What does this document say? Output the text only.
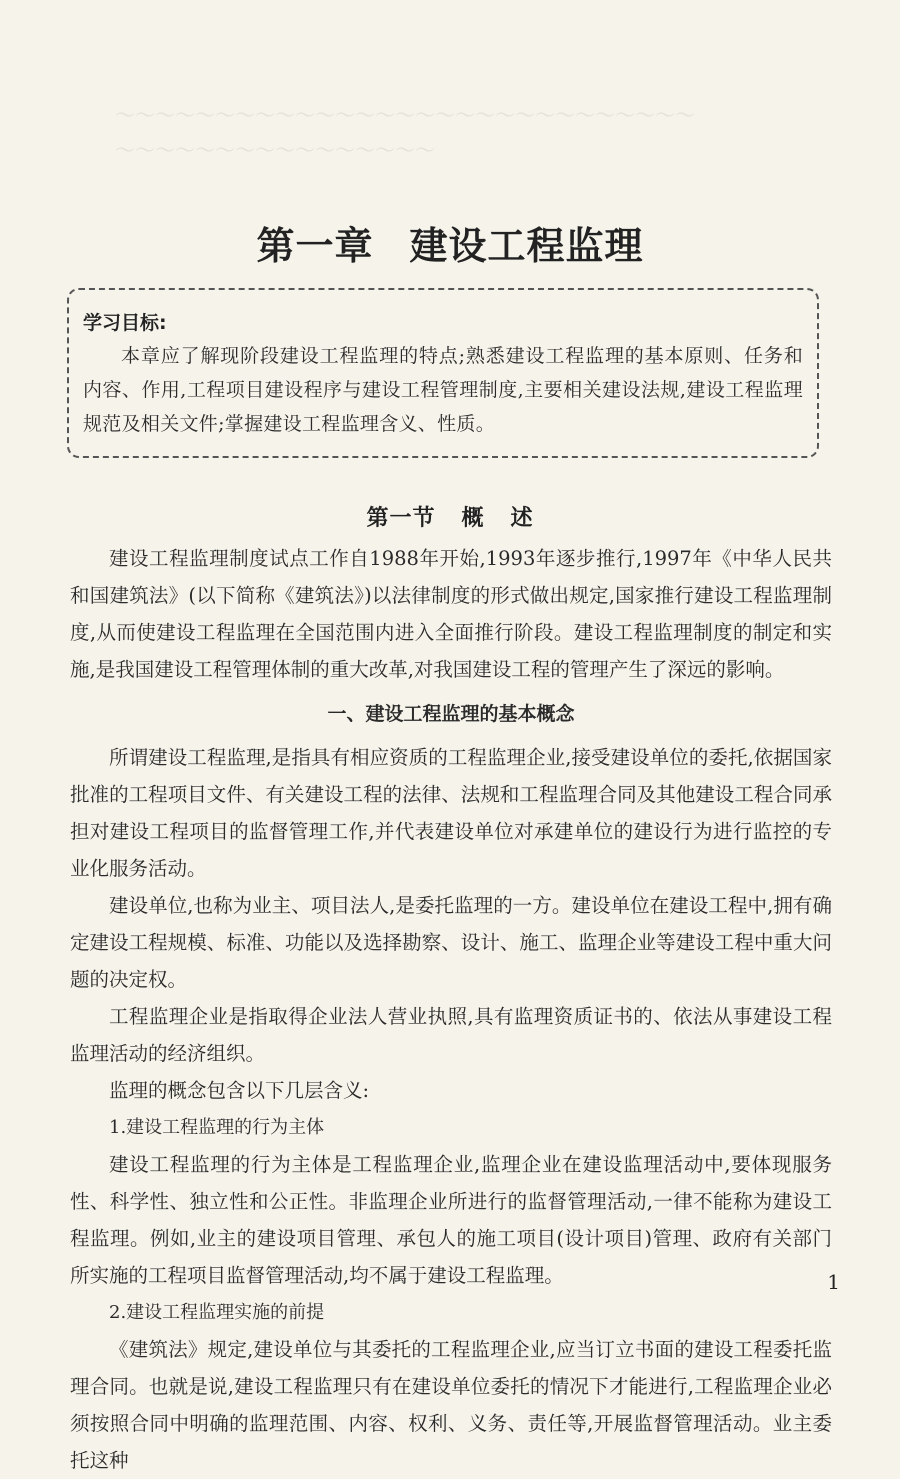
～～～～～～～～～～～～～～～～～～～～～～～～～～～～～
～～～～～～～～～～～～～～～～
第一章 建设工程监理
学习目标:
本章应了解现阶段建设工程监理的特点;熟悉建设工程监理的基本原则、任务和内容、作用,工程项目建设程序与建设工程管理制度,主要相关建设法规,建设工程监理规范及相关文件;掌握建设工程监理含义、性质。
第一节 概 述

建设工程监理制度试点工作自1988年开始,1993年逐步推行,1997年《中华人民共和国建筑法》(以下简称《建筑法》)以法律制度的形式做出规定,国家推行建设工程监理制度,从而使建设工程监理在全国范围内进入全面推行阶段。建设工程监理制度的制定和实施,是我国建设工程管理体制的重大改革,对我国建设工程的管理产生了深远的影响。

一、建设工程监理的基本概念

所谓建设工程监理,是指具有相应资质的工程监理企业,接受建设单位的委托,依据国家批准的工程项目文件、有关建设工程的法律、法规和工程监理合同及其他建设工程合同承担对建设工程项目的监督管理工作,并代表建设单位对承建单位的建设行为进行监控的专业化服务活动。

建设单位,也称为业主、项目法人,是委托监理的一方。建设单位在建设工程中,拥有确定建设工程规模、标准、功能以及选择勘察、设计、施工、监理企业等建设工程中重大问题的决定权。

工程监理企业是指取得企业法人营业执照,具有监理资质证书的、依法从事建设工程监理活动的经济组织。

监理的概念包含以下几层含义:

1.建设工程监理的行为主体

建设工程监理的行为主体是工程监理企业,监理企业在建设监理活动中,要体现服务性、科学性、独立性和公正性。非监理企业所进行的监督管理活动,一律不能称为建设工程监理。例如,业主的建设项目管理、承包人的施工项目(设计项目)管理、政府有关部门所实施的工程项目监督管理活动,均不属于建设工程监理。

2.建设工程监理实施的前提

《建筑法》规定,建设单位与其委托的工程监理企业,应当订立书面的建设工程委托监理合同。也就是说,建设工程监理只有在建设单位委托的情况下才能进行,工程监理企业必须按照合同中明确的监理范围、内容、权利、义务、责任等,开展监督管理活动。业主委托这种

1
